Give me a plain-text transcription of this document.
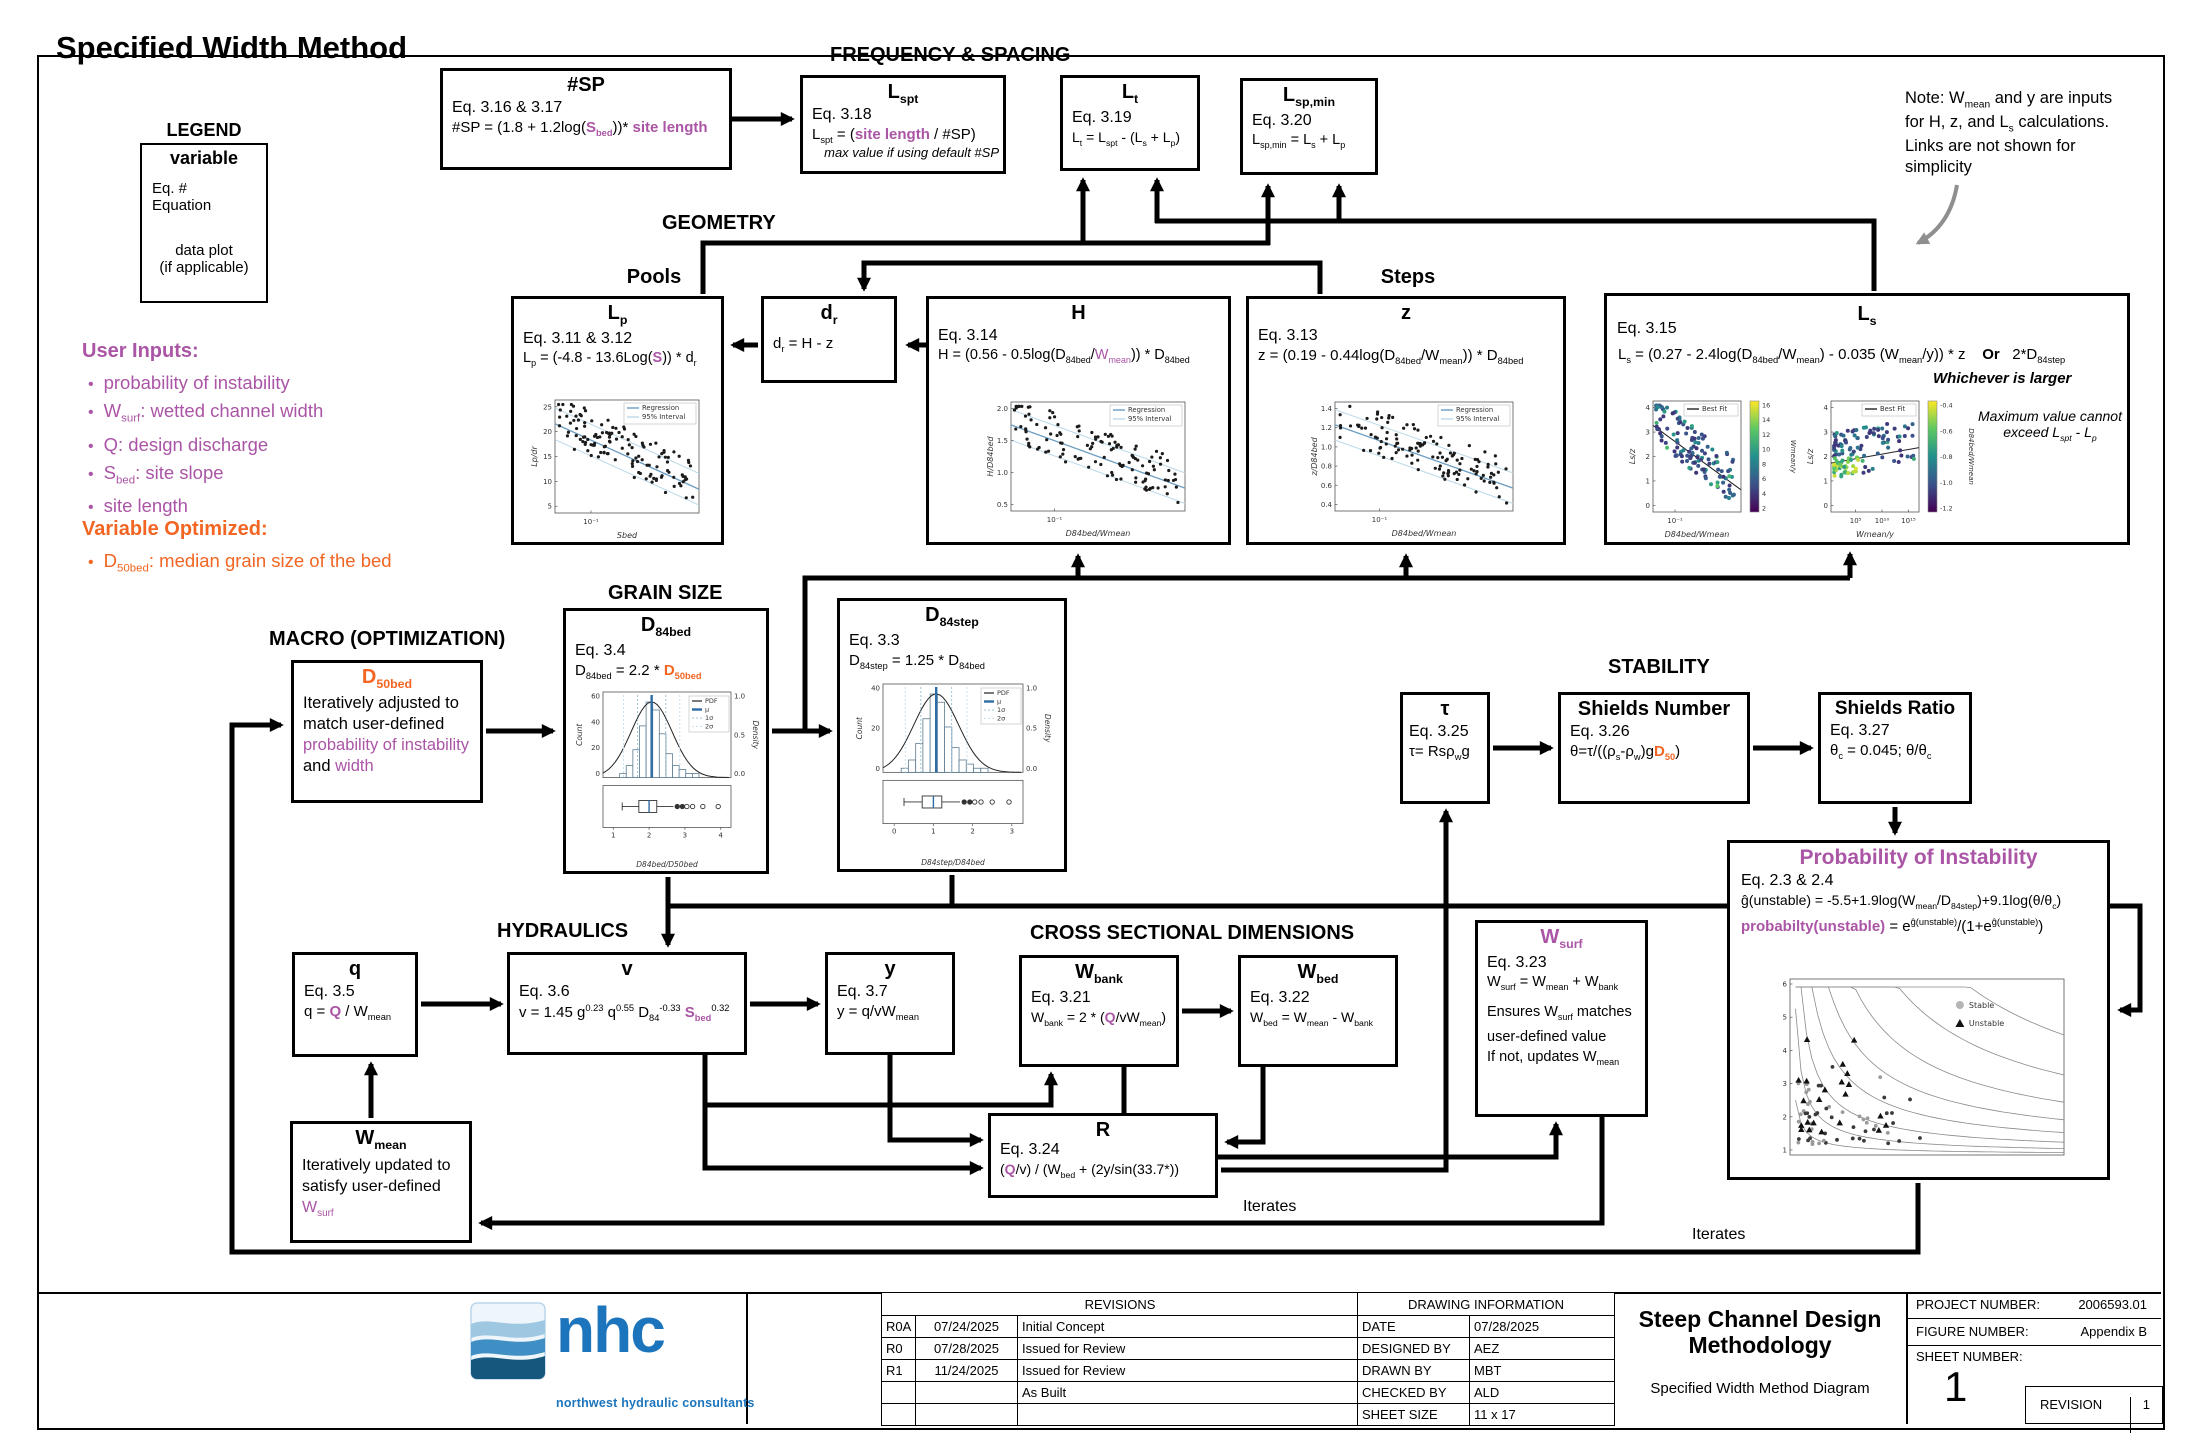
Specified Width Method
LEGEND
variable
Eq. #
Equation
data plot
(if applicable)
User Inputs:
• probability of instability
• $W_{surf}$: wetted channel width
• Q: design discharge
• $S_{bed}$: site slope
• site length
Variable Optimized:
• $D_{50bed}$: median grain size of the bed
FREQUENCY & SPACING
GEOMETRY
Pools	Steps
GRAIN SIZE
MACRO (OPTIMIZATION)
STABILITY
HYDRAULICS	CROSS SECTIONAL DIMENSIONS
Note: $W_{mean}$ and y are inputs
for H, z, and $L_s$ calculations.
Links are not shown for
simplicity
#SP
Eq. 3.16 & 3.17
#SP = $(1.8 + 1.2\log(S_{bed}))*$ site length
$L_{spt}$
Eq. 3.18
$L_{spt}$ = (site length / #SP)
max value if using default #SP
$L_t$
Eq. 3.19
$L_t = L_{spt} - (L_s + L_p)$
$L_{sp,min}$
Eq. 3.20
$L_{sp,min} = L_s + L_p$
$L_p$
Eq. 3.11 & 3.12
$L_p = (-4.8 - 13.6Log(S)) * d_r$
Regression
95% Interval
25
20
15
10
5
10⁻¹
Sbed
Lp/dr
$d_r$
$d_r = H - z$
H
Eq. 3.14
$H = (0.56 - 0.5\log(D_{84bed}/W_{mean})) * D_{84bed}$
Regression
95% Interval
2.0
1.5
1.0
0.5
10⁻¹
D84bed/Wmean
H/D84bed
z
Eq. 3.13
$z = (0.19 - 0.44\log(D_{84bed}/W_{mean})) * D_{84bed}$
Regression
95% Interval
1.4
1.2
1.0
0.8
0.6
0.4
10⁻¹
D84bed/Wmean
z/D84bed
$L_s$
Eq. 3.15
$L_s = (0.27 - 2.4\log(D_{84bed}/W_{mean}) - 0.035$ $(W_{mean}/y)$) * z    Or   $2*D_{84step}$
Whichever is larger
Best Fit
4
3
2
1
0
10⁻¹
D84bed/Wmean
Ls/z
16
14
12
10
8
6
4
2
Wmean/y
Best Fit
4
3
2
1
0
10⁵ 10¹⁰ 10¹⁵
Wmean/y
Ls/z
-0.4
-0.6
-0.8
-1.0
-1.2
D84bed/Wmean
Maximum value cannot
exceed $L_{spt} - L_p$
$D_{50bed}$
Iteratively adjusted to
match user-defined
probability of instability
and width
$D_{84bed}$
Eq. 3.4
$D_{84bed} = 2.2 * D_{50bed}$
PDF
μ
1σ
2σ
60
40
20
0
1.0
0.5
0.0
Count	Density
1	2	3	4
D84bed/D50bed
$D_{84step}$
Eq. 3.3
$D_{84step} = 1.25 * D_{84bed}$
PDF
μ
1σ
2σ
40
20
0
1.0
0.5
0.0
Count	Density
0	1	2	3
D84step/D84bed
τ
Eq. 3.25
τ= Rsρ$_w$g
Shields Number
Eq. 3.26
$\theta=\tau/((\rho_s-\rho_w)gD_{50})$
Shields Ratio
Eq. 3.27
$\theta_c = 0.045$; $\theta/\theta_c$
Probability of Instability
Eq. 2.3 & 2.4
ĝ(unstable) = $-5.5+1.9\log(W_{mean}/D_{84step})+9.1\log(\theta/\theta_c)$
probabilty(unstable) = $e^{ĝ(unstable)}/(1+e^{ĝ(unstable)})$
Stable
Unstable
6
5
4
3
2
1
q
Eq. 3.5
$q = Q / W_{mean}$
v
Eq. 3.6
v = 1.45 $g^{0.23}$ $q^{0.55}$ $D_{84}^{-0.33}$ $S_{bed}^{0.32}$
y
Eq. 3.7
$y = q/vW_{mean}$
$W_{mean}$
Iteratively updated to
satisfy user-defined
$W_{surf}$
$W_{bank}$
Eq. 3.21
$W_{bank} = 2 * (Q/vW_{mean})$
$W_{bed}$
Eq. 3.22
$W_{bed} = W_{mean} - W_{bank}$
$W_{surf}$
Eq. 3.23
$W_{surf} = W_{mean} + W_{bank}$
Ensures $W_{surf}$ matches
user-defined value
If not, updates $W_{mean}$
R
Eq. 3.24
$(Q/v) / (W_{bed} + (2y/\sin(33.7*))$
Iterates
Iterates
nhc
northwest hydraulic consultants
REVISIONS		
R0A	07/24/2025	Initial Concept
R0	07/28/2025	Issued for Review
R1	11/24/2025	Issued for Review
		As Built

DRAWING INFORMATION	
DATE	07/28/2025
DESIGNED BY	AEZ
DRAWN BY	MBT
CHECKED BY	ALD
SHEET SIZE	11 x 17
Steep Channel Design
Methodology
Specified Width Method Diagram
PROJECT NUMBER:	2006593.01
FIGURE NUMBER:	Appendix B
SHEET NUMBER:
1	REVISION	1
